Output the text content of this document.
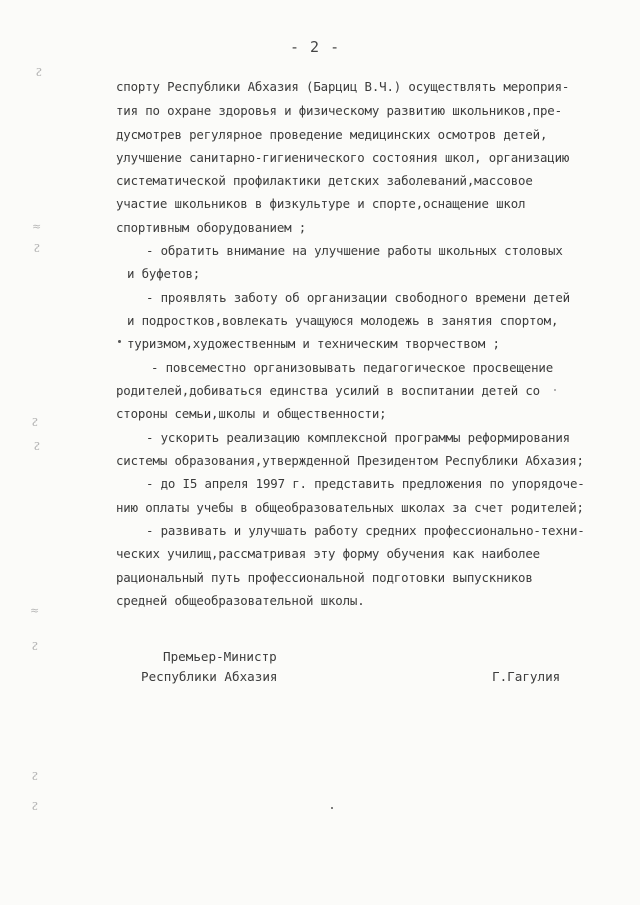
- 2 -
спорту Республики Абхазия (Барциц В.Ч.) осуществлять мероприя-
тия по охране здоровья и физическому развитию школьников,пре-
дусмотрев регулярное проведение медицинских осмотров детей,
улучшение санитарно-гигиенического состояния школ, организацию
систематической профилактики детских заболеваний,массовое
участие школьников в физкультуре и спорте,оснащение школ
спортивным оборудованием ;
- обратить внимание на улучшение работы школьных столовых
и буфетов;
- проявлять заботу об организации свободного времени детей
и подростков,вовлекать учащуюся молодежь в занятия спортом,
туризмом,художественным и техническим творчеством ;
- повсеместно организовывать педагогическое просвещение
родителей,добиваться единства усилий в воспитании детей со
стороны семьи,школы и общественности;
- ускорить реализацию комплексной программы реформирования
системы образования,утвержденной Президентом Республики Абхазия;
- до I5 апреля 1997 г. представить предложения по упорядоче-
нию оплаты учебы в общеобразовательных школах за счет родителей;
- развивать и улучшать работу средних профессионально-техни-
ческих училищ,рассматривая эту форму обучения как наиболее
рациональный путь профессиональной подготовки выпускников
средней общеобразовательной школы.
Премьер-Министр
Республики Абхазия	Г.Гагулия
ᴤ
≈
ᴤ
ᴤ
ᴤ
≈
ᴤ
ᴤ
ᴤ
